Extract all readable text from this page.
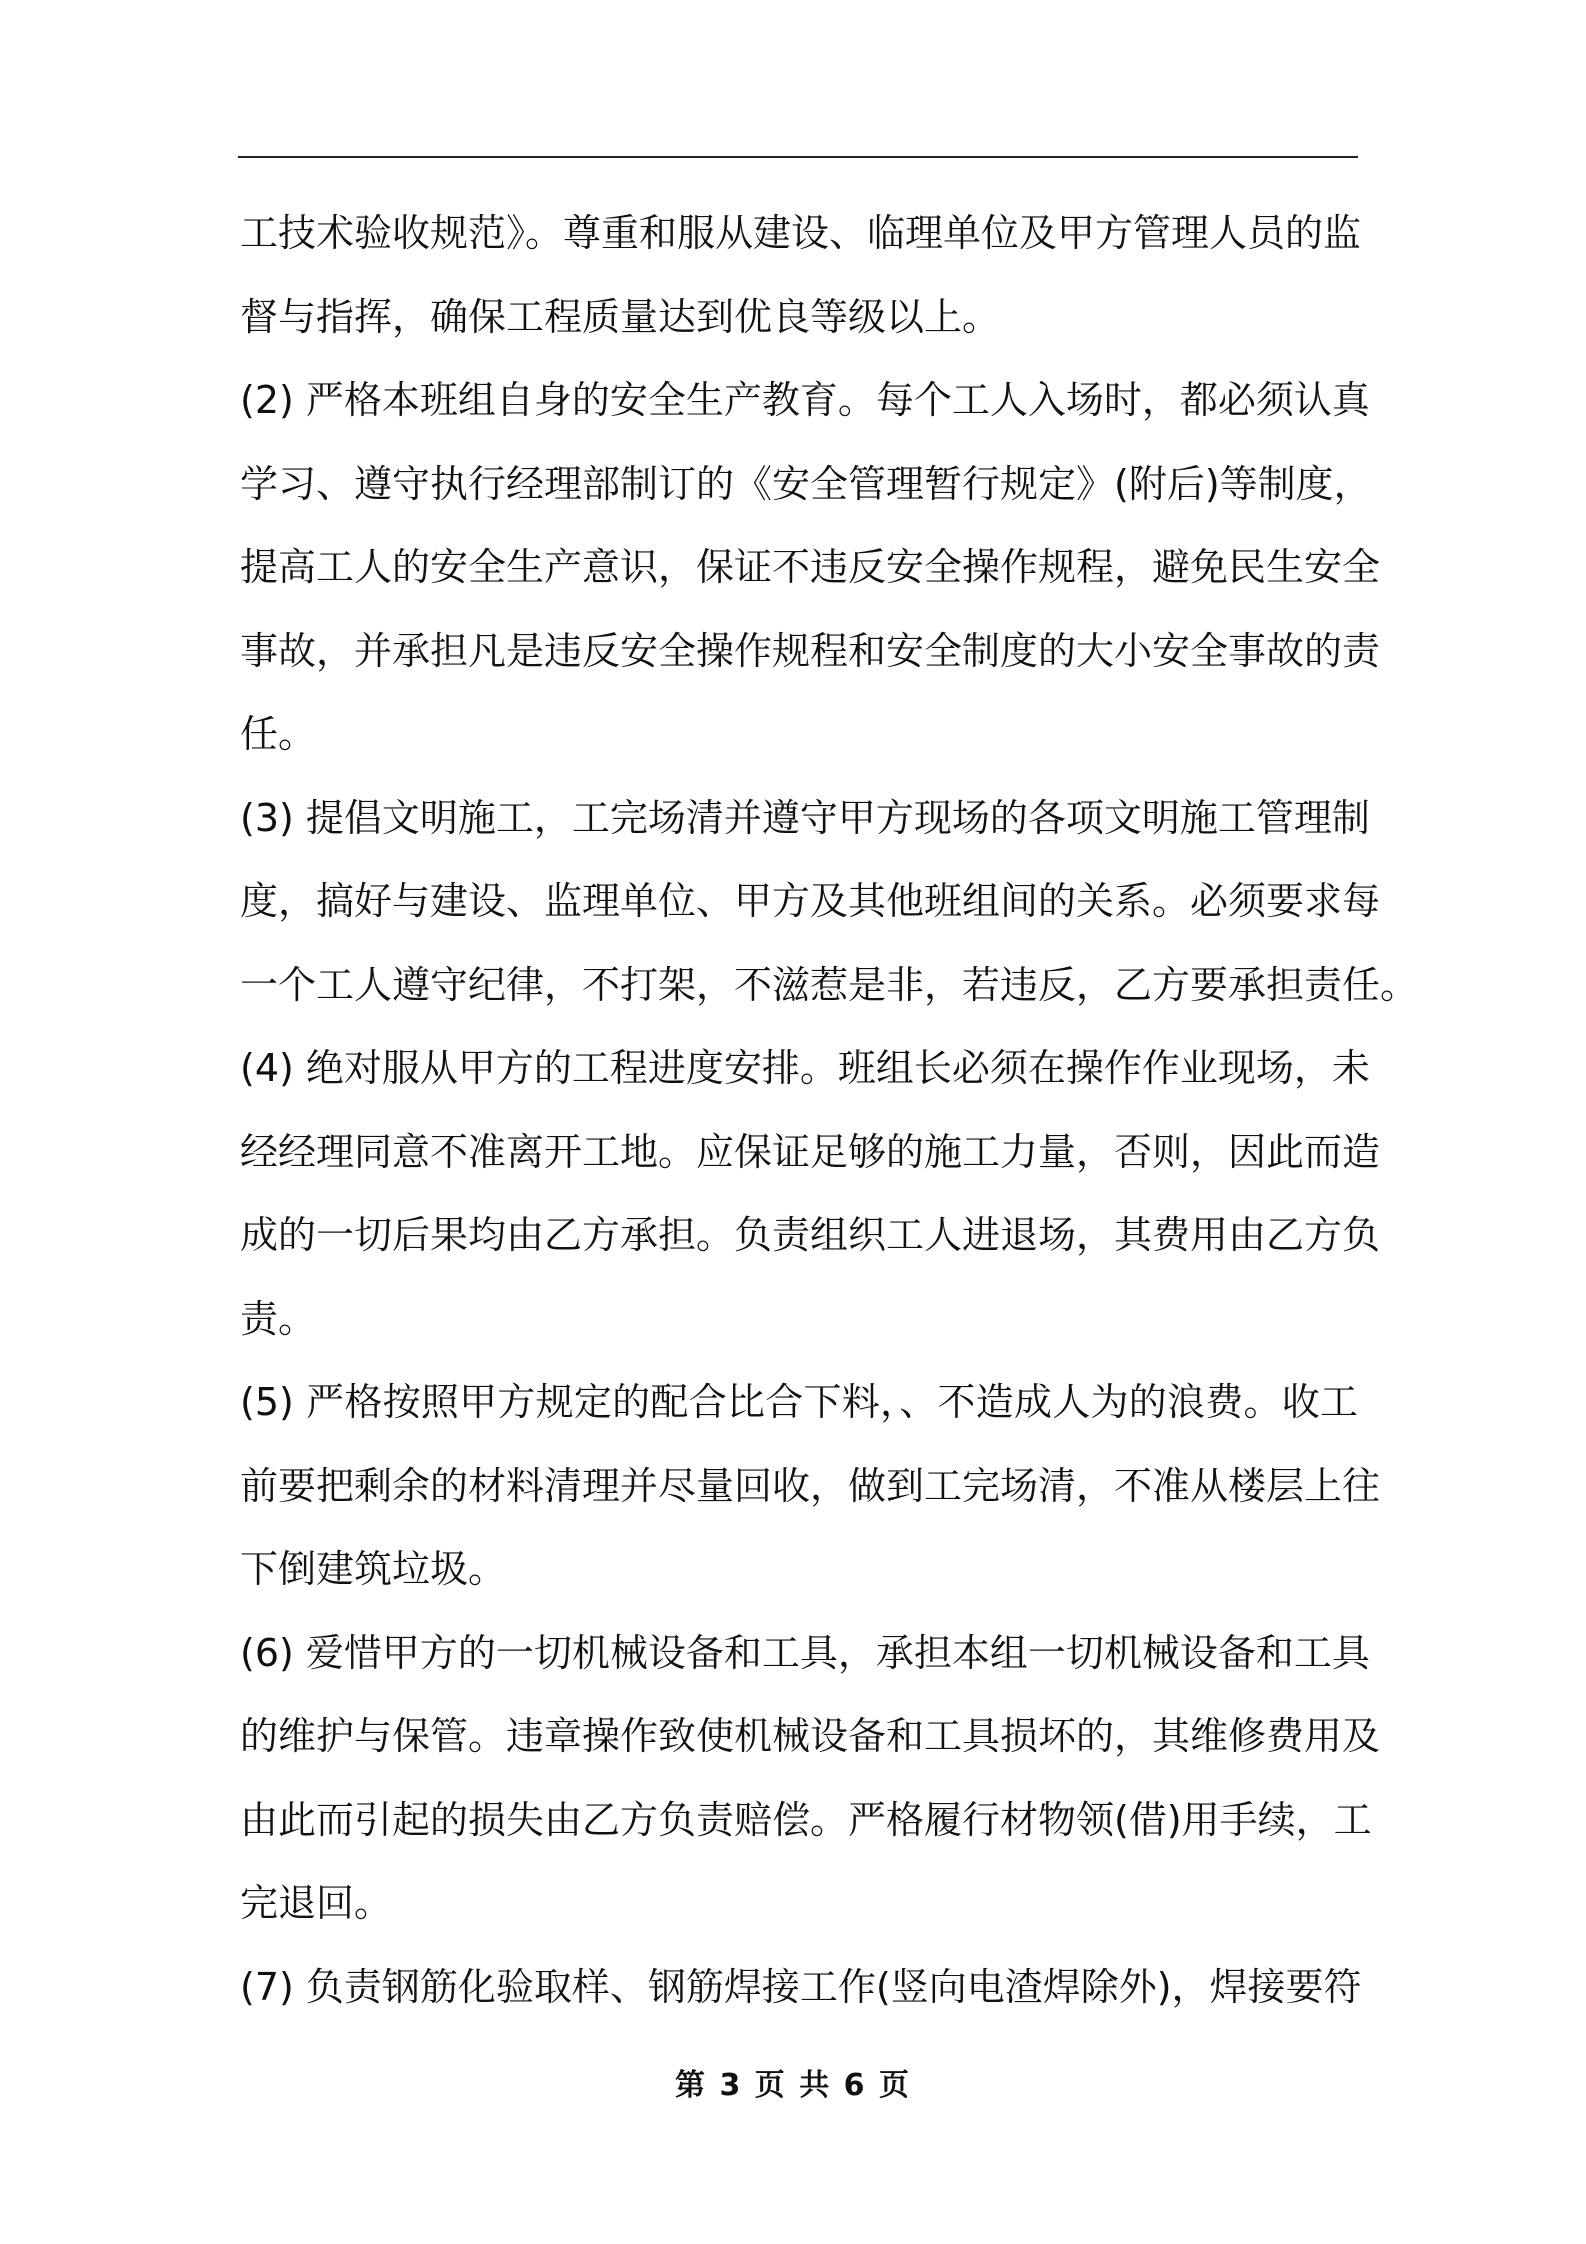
工技术验收规范》。尊重和服从建设、临理单位及甲方管理人员的监
督与指挥，确保工程质量达到优良等级以上。
(2) 严格本班组自身的安全生产教育。每个工人入场时，都必须认真
学习、遵守执行经理部制订的《安全管理暂行规定》(附后)等制度，
提高工人的安全生产意识，保证不违反安全操作规程，避免民生安全
事故，并承担凡是违反安全操作规程和安全制度的大小安全事故的责
任。
(3) 提倡文明施工，工完场清并遵守甲方现场的各项文明施工管理制
度，搞好与建设、监理单位、甲方及其他班组间的关系。必须要求每
一个工人遵守纪律，不打架，不滋惹是非，若违反，乙方要承担责任。
(4) 绝对服从甲方的工程进度安排。班组长必须在操作作业现场，未
经经理同意不准离开工地。应保证足够的施工力量，否则，因此而造
成的一切后果均由乙方承担。负责组织工人进退场，其费用由乙方负
责。
(5) 严格按照甲方规定的配合比合下料，、不造成人为的浪费。收工
前要把剩余的材料清理并尽量回收，做到工完场清，不准从楼层上往
下倒建筑垃圾。
(6) 爱惜甲方的一切机械设备和工具，承担本组一切机械设备和工具
的维护与保管。违章操作致使机械设备和工具损坏的，其维修费用及
由此而引起的损失由乙方负责赔偿。严格履行材物领(借)用手续，工
完退回。
(7) 负责钢筋化验取样、钢筋焊接工作(竖向电渣焊除外)，焊接要符
第 3 页 共 6 页
